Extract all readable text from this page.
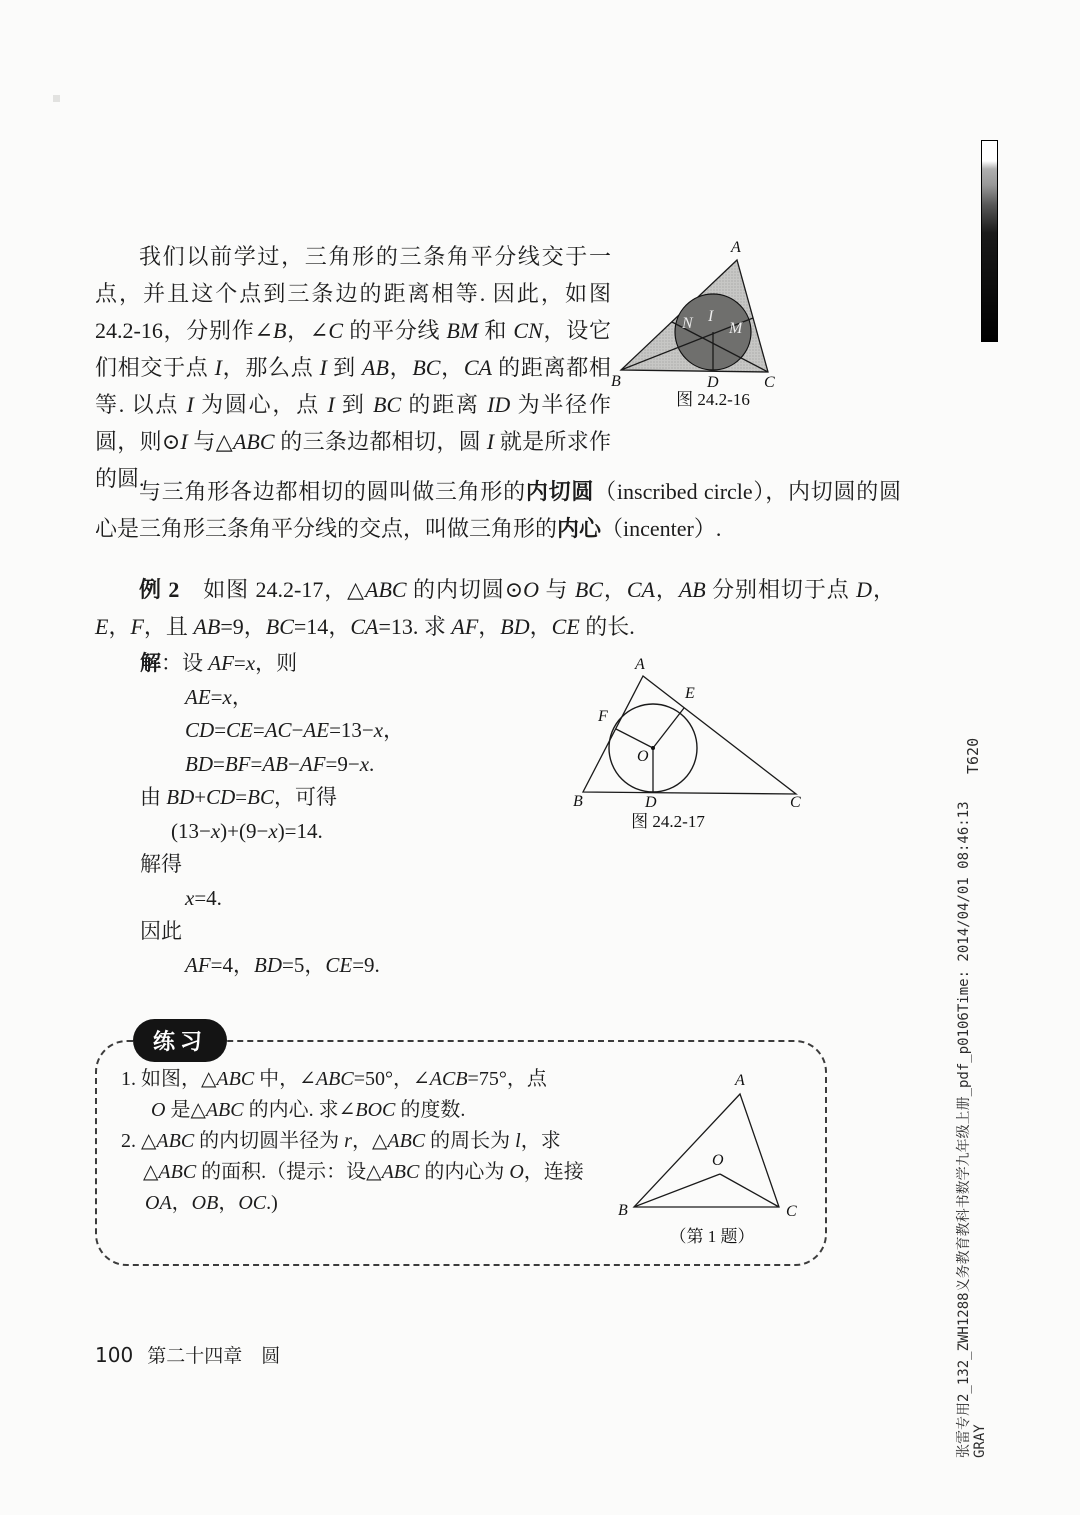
我们以前学过，三角形的三条角平分线交于一点，并且这个点到三条边的距离相等. 因此，如图 24.2-16，分别作∠B，∠C 的平分线 BM 和 CN，设它们相交于点 I，那么点 I 到 AB，BC，CA 的距离都相等. 以点 I 为圆心，点 I 到 BC 的距离 ID 为半径作圆，则⊙I 与△ABC 的三条边都相切，圆 I 就是所求作的圆.

A
B	C
D
N I
M
图 24.2-16

与三角形各边都相切的圆叫做三角形的内切圆（inscribed circle），内切圆的圆心是三角形三条角平分线的交点，叫做三角形的内心（incenter）.

例 2　如图 24.2-17，△ABC 的内切圆⊙O 与 BC，CA，AB 分别相切于点 D，E，F，且 AB=9，BC=14，CA=13. 求 AF，BD，CE 的长.

解：设 AF=x，则
AE=x，
CD=CE=AC−AE=13−x，
BD=BF=AB−AF=9−x.
由 BD+CD=BC，可得
(13−x)+(9−x)=14.
解得
x=4.
因此
AF=4，BD=5，CE=9.
A
B	C
D
E
F
O
图 24.2-17
练习
1. 如图，△ABC 中，∠ABC=50°，∠ACB=75°，点
O 是△ABC 的内心. 求∠BOC 的度数.
2. △ABC 的内切圆半径为 r，△ABC 的周长为 l，求
△ABC 的面积.（提示：设△ABC 的内心为 O，连接
OA，OB，OC.)
A
B	C
O
（第 1 题）
100 第二十四章　圆
T620
张雷专用2_132_ZWH1288义务教育教科书数学九年级上册_pdf_p0106Time: 2014/04/01 08:46:13 GRAY
